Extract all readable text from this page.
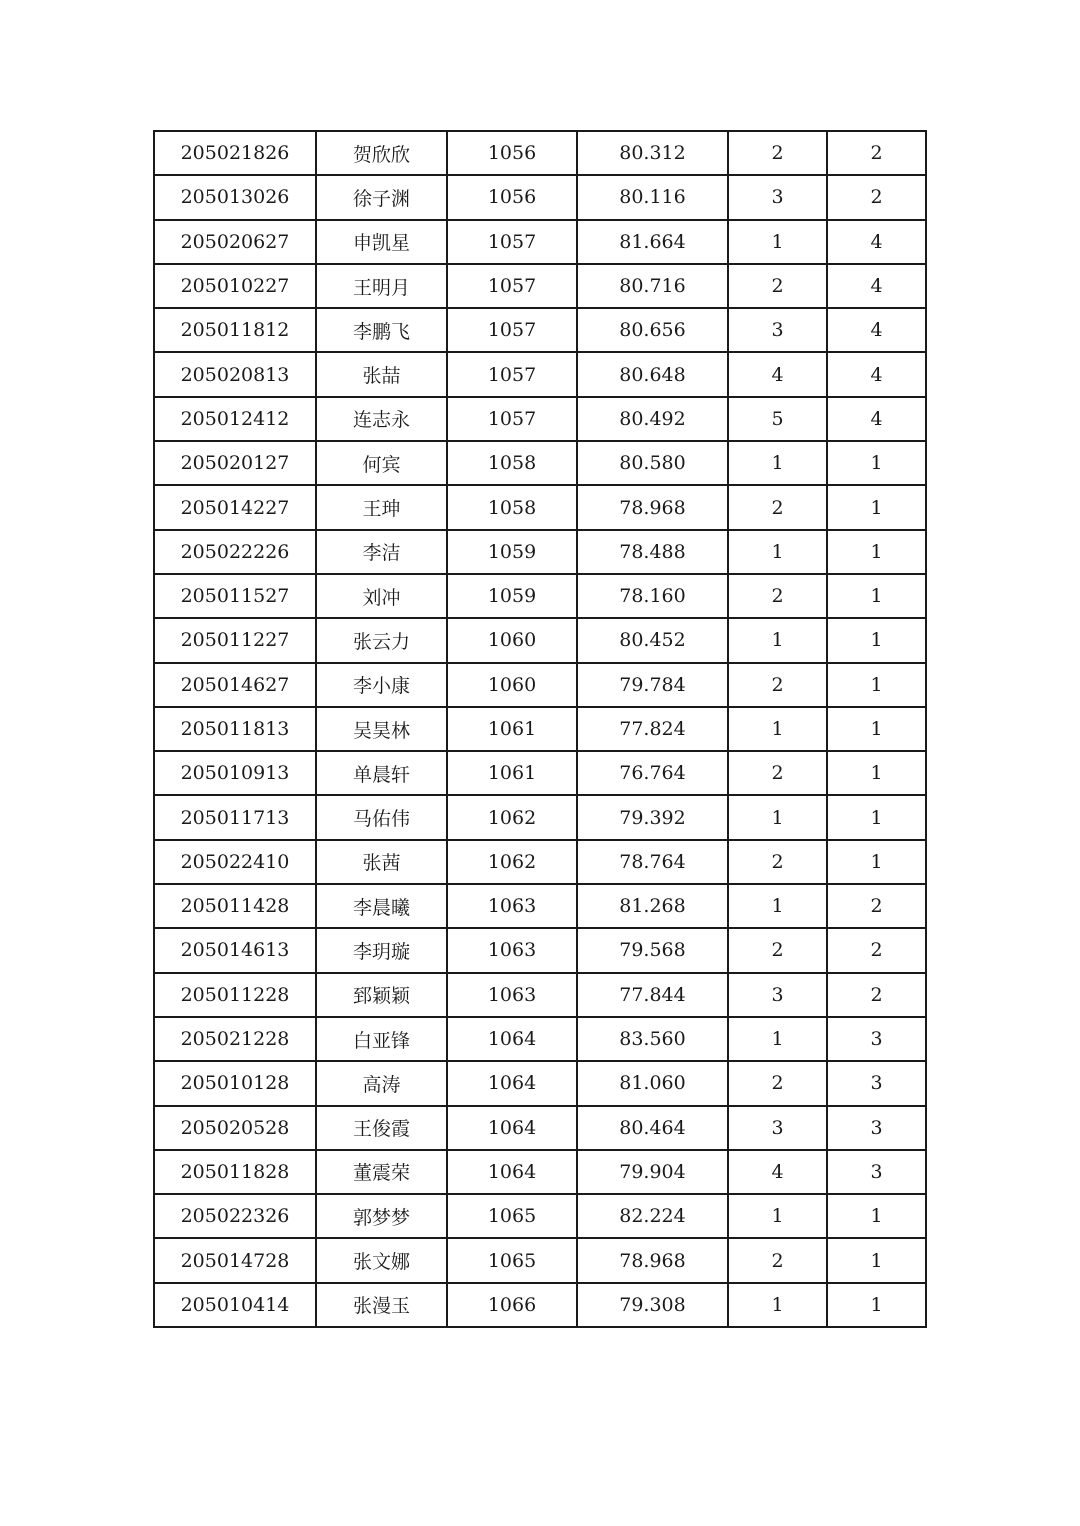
205021826	贺欣欣	1056	80.312	2	2
205013026	徐子渊	1056	80.116	3	2
205020627	申凯星	1057	81.664	1	4
205010227	王明月	1057	80.716	2	4
205011812	李鹏飞	1057	80.656	3	4
205020813	张喆	1057	80.648	4	4
205012412	连志永	1057	80.492	5	4
205020127	何宾	1058	80.580	1	1
205014227	王珅	1058	78.968	2	1
205022226	李洁	1059	78.488	1	1
205011527	刘冲	1059	78.160	2	1
205011227	张云力	1060	80.452	1	1
205014627	李小康	1060	79.784	2	1
205011813	吴昊林	1061	77.824	1	1
205010913	单晨轩	1061	76.764	2	1
205011713	马佑伟	1062	79.392	1	1
205022410	张茜	1062	78.764	2	1
205011428	李晨曦	1063	81.268	1	2
205014613	李玥璇	1063	79.568	2	2
205011228	郅颖颖	1063	77.844	3	2
205021228	白亚锋	1064	83.560	1	3
205010128	高涛	1064	81.060	2	3
205020528	王俊霞	1064	80.464	3	3
205011828	董震荣	1064	79.904	4	3
205022326	郭梦梦	1065	82.224	1	1
205014728	张文娜	1065	78.968	2	1
205010414	张漫玉	1066	79.308	1	1
